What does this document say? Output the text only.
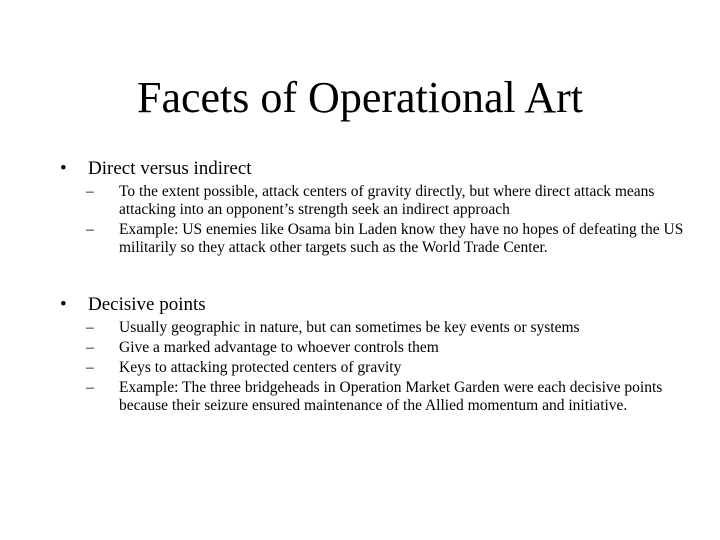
Facets of Operational Art
• Direct versus indirect
– To the extent possible, attack centers of gravity directly, but where direct attack means attacking into an opponent’s strength seek an indirect approach
– Example: US enemies like Osama bin Laden know they have no hopes of defeating the US militarily so they attack other targets such as the World Trade Center.
• Decisive points
– Usually geographic in nature, but can sometimes be key events or systems
– Give a marked advantage to whoever controls them
– Keys to attacking protected centers of gravity
– Example: The three bridgeheads in Operation Market Garden were each decisive points because their seizure ensured maintenance of the Allied momentum and initiative.
